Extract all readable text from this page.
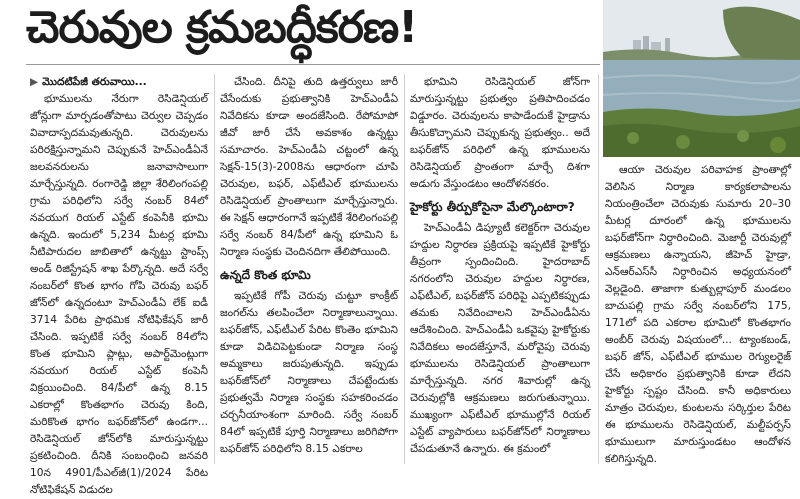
చెరువుల క్రమబద్ధీకరణ!

▶ మొదటిపేజీ తరువాయి...

భూములను నేరుగా రెసిడెన్షియల్ జోన్లుగా మార్పడంతోపాటు చెర్వుల చెప్పడం వివాదాస్పదమవుతున్నది. చెరువులను పరిరక్షిస్తున్నామని చెప్పుకునే హెచ్‌ఎండీఏనే జలవనరులను జనావాసాలుగా మార్చేస్తున్నది. రంగారెడ్డి జిల్లా శేరిలింగంపల్లి గ్రామ పరిధిలోని సర్వే నంబర్ 84లో నవయుగ రియల్ ఎస్టేట్ కంపెనీకి భూమి ఉన్నది. ఇందులో 5,234 మీటర్ల భూమి నీటిపారుదల జాబితాలో ఉన్నట్టు స్టాంప్స్ అండ్ రిజిస్ట్రేషన్ శాఖ పేర్కొన్నది. అదే సర్వే నంబర్‌లో కొంత భాగం గోపి చెరువు బఫర్ జోన్‌లో ఉన్నదంటూ హెచ్‌ఎండీఏ లేక్ ఐడీ 3714 పేరిట ప్రాథమిక నోటిఫికేషన్ జారీ చేసింది. ఇప్పటికే సర్వే నంబర్ 84లోని కొంత భూమిని ప్లాట్లు, అపార్ట్‌మెంట్లుగా నవయుగ రియల్ ఎస్టేట్ కంపెనీ విక్రయించింది. 84/పీలో ఉన్న 8.15 ఎకరాల్లో కొంతభాగం చెరువు కింది, మరికొంత భాగం బఫర్‌జోన్‌లో ఉండగా... రెసిడెన్షియల్ జోన్‌లోకి మారుస్తున్నట్టు ప్రకటించింది. దీనికి సంబంధించి జనవరి 10న 4901/పీఎల్‌జీ(1)/2024 పేరిట నోటిఫికేషన్ విడుదల

చేసింది. దీనిపై తుది ఉత్తర్వులు జారీ చేసేందుకు ప్రభుత్వానికి హెచ్‌ఎండీఏ నివేదికను కూడా అందజేసింది. రేపోమాపో జీవో జారీ చేసే అవకాశం ఉన్నట్టు సమాచారం. హెచ్‌ఎండీఏ చట్టంలో ఉన్న సెక్షన్-15(3)-2008ను ఆధారంగా చూపి చెరువుల, బఫర్, ఎఫ్‌టీఎల్ భూములను రెసిడెన్షియల్ ప్రాంతాలుగా మార్చేస్తున్నారు. ఈ సెక్షన్ ఆధారంగానే ఇప్పటికే శేరిలింగంపల్లి సర్వే నంబర్ 84/పీలో ఉన్న భూమిని ఓ నిర్మాణ సంస్థకు చెందినదిగా తేలిపోయింది.

ఉన్నదే కొంత భూమి

ఇప్పటికే గోపీ చెరువు చుట్టూ కాంక్రీట్ జంగల్‌ను తలపించేలా నిర్మాణాలున్నాయి. బఫర్‌జోన్, ఎఫ్‌టీఎల్ పేరిట కొంతెం భూమిని కూడా విడిచిపెట్టకుండా నిర్మాణ సంస్థ అమ్మకాలు జరుపుతున్నది. ఇప్పుడు బఫర్‌జోన్‌లో నిర్మాణాలు చేపట్టేందుకు ప్రభుత్వమే నిర్మాణ సంస్థకు సహకరించడం చర్చనీయాంశంగా మారింది. సర్వే నంబర్ 84లో ఇప్పటికే పూర్తి నిర్మాణాలు జరిగిపోగా బఫర్‌జోన్ పరిధిలోని 8.15 ఎకరాల

భూమిని రెసిడెన్షియల్ జోన్‌గా మారుస్తున్నట్టు ప్రభుత్వం ప్రతిపాదించడం విడ్డూరం. చెరువులను కాపాడేందుకే హైడ్రాను తీసుకొచ్చామని చెప్పుకున్న ప్రభుత్వం.. అదే బఫర్‌జోన్ పరిధిలో ఉన్న భూములను రెసిడెన్షియల్ ప్రాంతంగా మార్చే దిశగా అడుగు వేస్తుండటం ఆందోళనకరం.

హైకోర్టు తీర్పుకోసైనా మేల్కొంటారా?

హెచ్‌ఎండీఏ డిప్యూటీ కలెక్టర్‌గా చెరువుల హద్దుల నిర్ధారణ ప్రక్రియపై ఇప్పటికే హైకోర్టు తీవ్రంగా స్పందించింది. హైదరాబాద్ నగరంలోని చెరువుల హద్దుల నిర్ధారణ, ఎఫ్‌టీఎల్, బఫర్‌జోన్ పరిధిపై ఎప్పటికప్పుడు తమకు నివేదించాలని హెచ్‌ఎండీఏను ఆదేశించింది. హెచ్‌ఎండీఏ ఒకవైపు హైకోర్టుకు నివేదికలు అందజేస్తూనే, మరోవైపు చెరువు భూములను రెసిడెన్షియల్ ప్రాంతాలుగా మార్చేస్తున్నది. నగర శివారుల్లో ఉన్న చెరువుల్లోకి ఆక్రమణలు జరుగుతున్నాయి. ముఖ్యంగా ఎఫ్‌టీఎల్ భూముల్లోనే రియల్ ఎస్టేట్ వ్యాపారులు బఫర్‌జోన్‌లో నిర్మాణాలు చేపడుతూనే ఉన్నారు. ఈ క్రమంలో

ఆయా చెరువుల పరివాహక ప్రాంతాల్లో వెలిసిన నిర్మాణ కార్యకలాపాలను నియంత్రించేలా చెరువుకు సుమారు 20–30 మీటర్ల దూరంలో ఉన్న భూములను బఫర్‌జోన్‌గా నిర్ధారించింది. మెజార్టీ చెరువుల్లో ఆక్రమణలు ఉన్నాయని, జీహెచ్ హైడ్రా, ఎన్‌ఆర్‌ఎస్‌సీ నిర్ధారించిన అధ్యయనంలో వెల్లడైంది. తాజాగా కుత్బుల్లాపూర్ మండలం బాచుపల్లి గ్రామ సర్వే నంబర్‌లోని 175, 171లో పది ఎకరాల భూమిలో కొంతభాగం అంబీర్ చెరువు విషయంలో... ట్యాంకబండ్, బఫర్ జోన్, ఎఫ్‌టీఎల్ భూముల రెగ్యులరైజ్ చేసే అధికారం ప్రభుత్వానికి కూడా లేదని హైకోర్టు స్పష్టం చేసింది. కానీ అధికారులు మాత్రం చెరువుల, కుంటలను సర్కిర్తుల పేరిట ఈ భూములను రెసిడెన్షియల్, మల్టీపర్పస్ భూములుగా మారుస్తుండటం ఆందోళన కలిగిస్తున్నది.
